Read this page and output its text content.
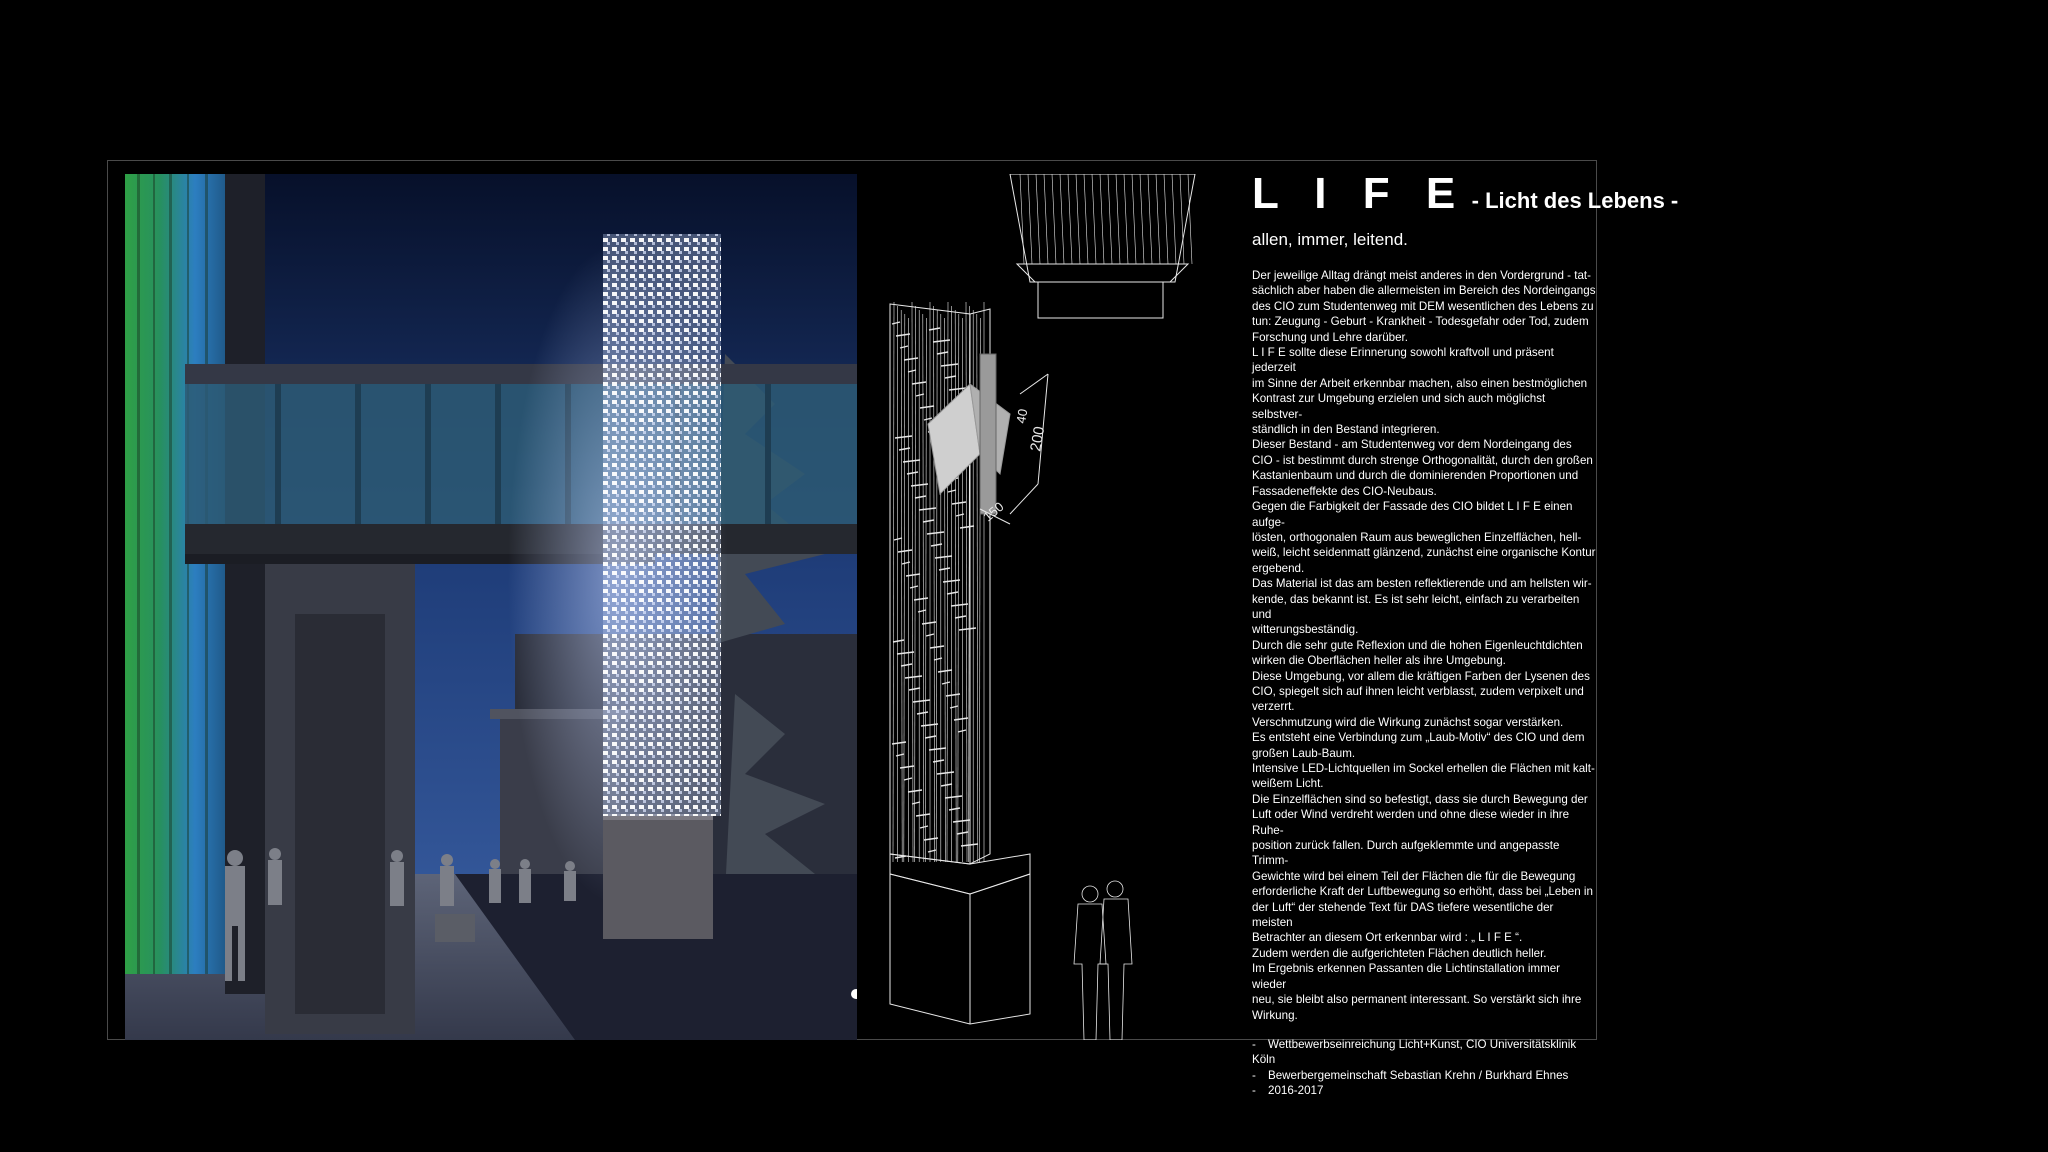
40
200
150
L I F E - Licht des Lebens -
allen, immer, leitend.

Der jeweilige Alltag drängt meist anderes in den Vordergrund - tat-

sächlich aber haben die allermeisten im Bereich des Nordeingangs

des CIO zum Studentenweg mit DEM wesentlichen des Lebens zu

tun: Zeugung - Geburt - Krankheit - Todesgefahr oder Tod, zudem

Forschung und Lehre darüber.

L I F E sollte diese Erinnerung sowohl kraftvoll und präsent jederzeit

im Sinne der Arbeit erkennbar machen, also einen bestmöglichen

Kontrast zur Umgebung erzielen und sich auch möglichst selbstver-

ständlich in den Bestand integrieren.

Dieser Bestand - am Studentenweg vor dem Nordeingang des

CIO - ist bestimmt durch strenge Orthogonalität, durch den großen

Kastanienbaum und durch die dominierenden Proportionen und

Fassadeneffekte des CIO-Neubaus.

Gegen die Farbigkeit der Fassade des CIO bildet L I F E einen aufge-

lösten, orthogonalen Raum aus beweglichen Einzelflächen, hell-

weiß, leicht seidenmatt glänzend, zunächst eine organische Kontur

ergebend.

Das Material ist das am besten reflektierende und am hellsten wir-

kende, das bekannt ist. Es ist sehr leicht, einfach zu verarbeiten und

witterungsbeständig.

Durch die sehr gute Reflexion und die hohen Eigenleuchtdichten

wirken die Oberflächen heller als ihre Umgebung.

Diese Umgebung, vor allem die kräftigen Farben der Lysenen des

CIO, spiegelt sich auf ihnen leicht verblasst, zudem verpixelt und

verzerrt.

Verschmutzung wird die Wirkung zunächst sogar verstärken.

Es entsteht eine Verbindung zum „Laub-Motiv“ des CIO und dem

großen Laub-Baum.

Intensive LED-Lichtquellen im Sockel erhellen die Flächen mit kalt-

weißem Licht.

Die Einzelflächen sind so befestigt, dass sie durch Bewegung der

Luft oder Wind verdreht werden und ohne diese wieder in ihre Ruhe-

position zurück fallen. Durch aufgeklemmte und angepasste Trimm-

Gewichte wird bei einem Teil der Flächen die für die Bewegung

erforderliche Kraft der Luftbewegung so erhöht, dass bei „Leben in

der Luft“ der stehende Text für DAS tiefere wesentliche der meisten

Betrachter an diesem Ort erkennbar wird : „ L I F E “.

Zudem werden die aufgerichteten Flächen deutlich heller.

Im Ergebnis erkennen Passanten die Lichtinstallation immer wieder

neu, sie bleibt also permanent interessant. So verstärkt sich ihre

Wirkung.

- Wettbewerbseinreichung Licht+Kunst, CIO Universitätsklinik Köln
- Bewerbergemeinschaft Sebastian Krehn / Burkhard Ehnes
- 2016-2017
